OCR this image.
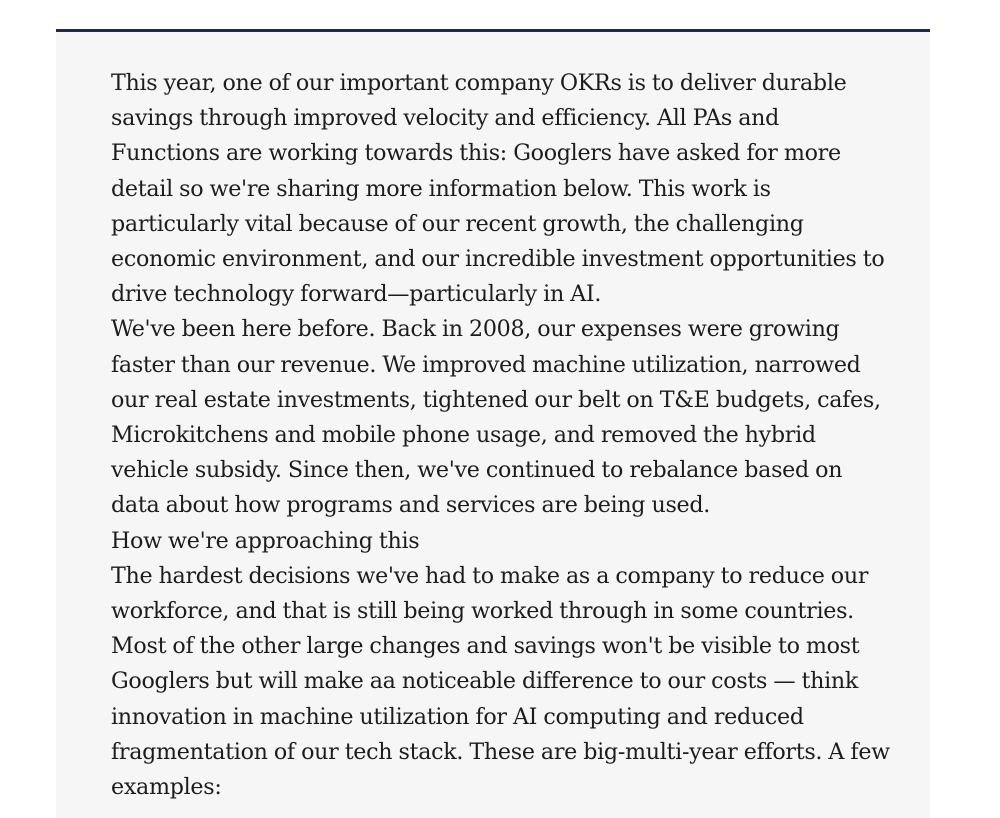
This year, one of our important company OKRs is to deliver durable
savings through improved velocity and efficiency. All PAs and
Functions are working towards this: Googlers have asked for more
detail so we're sharing more information below. This work is
particularly vital because of our recent growth, the challenging
economic environment, and our incredible investment opportunities to
drive technology forward—particularly in AI.
We've been here before. Back in 2008, our expenses were growing
faster than our revenue. We improved machine utilization, narrowed
our real estate investments, tightened our belt on T&E budgets, cafes,
Microkitchens and mobile phone usage, and removed the hybrid
vehicle subsidy. Since then, we've continued to rebalance based on
data about how programs and services are being used.
How we're approaching this
The hardest decisions we've had to make as a company to reduce our
workforce, and that is still being worked through in some countries.
Most of the other large changes and savings won't be visible to most
Googlers but will make aa noticeable difference to our costs — think
innovation in machine utilization for AI computing and reduced
fragmentation of our tech stack. These are big-multi-year efforts. A few
examples:
